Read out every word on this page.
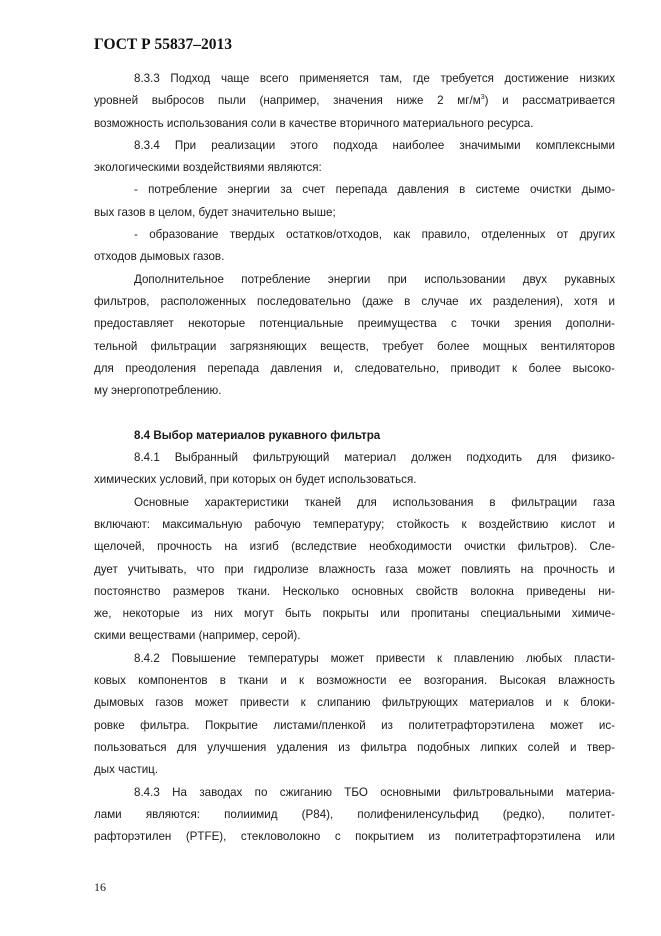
ГОСТ Р 55837–2013
8.3.3 Подход чаще всего применяется там, где требуется достижение низких
уровней выбросов пыли (например, значения ниже 2 $мг/м^3$) и рассматривается
возможность использования соли в качестве вторичного материального ресурса.
8.3.4 При реализации этого подхода наиболее значимыми комплексными
экологическими воздействиями являются:
- потребление энергии за счет перепада давления в системе очистки дымо-
вых газов в целом, будет значительно выше;
- образование твердых остатков/отходов, как правило, отделенных от других
отходов дымовых газов.
Дополнительное потребление энергии при использовании двух рукавных
фильтров, расположенных последовательно (даже в случае их разделения), хотя и
предоставляет некоторые потенциальные преимущества с точки зрения дополни-
тельной фильтрации загрязняющих веществ, требует более мощных вентиляторов
для преодоления перепада давления и, следовательно, приводит к более высоко-
му энергопотреблению.
8.4 Выбор материалов рукавного фильтра
8.4.1 Выбранный фильтрующий материал должен подходить для физико-
химических условий, при которых он будет использоваться.
Основные характеристики тканей для использования в фильтрации газа
включают: максимальную рабочую температуру; стойкость к воздействию кислот и
щелочей, прочность на изгиб (вследствие необходимости очистки фильтров). Сле-
дует учитывать, что при гидролизе влажность газа может повлиять на прочность и
постоянство размеров ткани. Несколько основных свойств волокна приведены ни-
же, некоторые из них могут быть покрыты или пропитаны специальными химиче-
скими веществами (например, серой).
8.4.2 Повышение температуры может привести к плавлению любых пласти-
ковых компонентов в ткани и к возможности ее возгорания. Высокая влажность
дымовых газов может привести к слипанию фильтрующих материалов и к блоки-
ровке фильтра. Покрытие листами/пленкой из политетрафторэтилена может ис-
пользоваться для улучшения удаления из фильтра подобных липких солей и твер-
дых частиц.
8.4.3 На заводах по сжиганию ТБО основными фильтровальными материа-
лами являются: полиимид (P84), полифениленсульфид (редко), политет-
рафторэтилен (PTFE), стекловолокно с покрытием из политетрафторэтилена или
16
